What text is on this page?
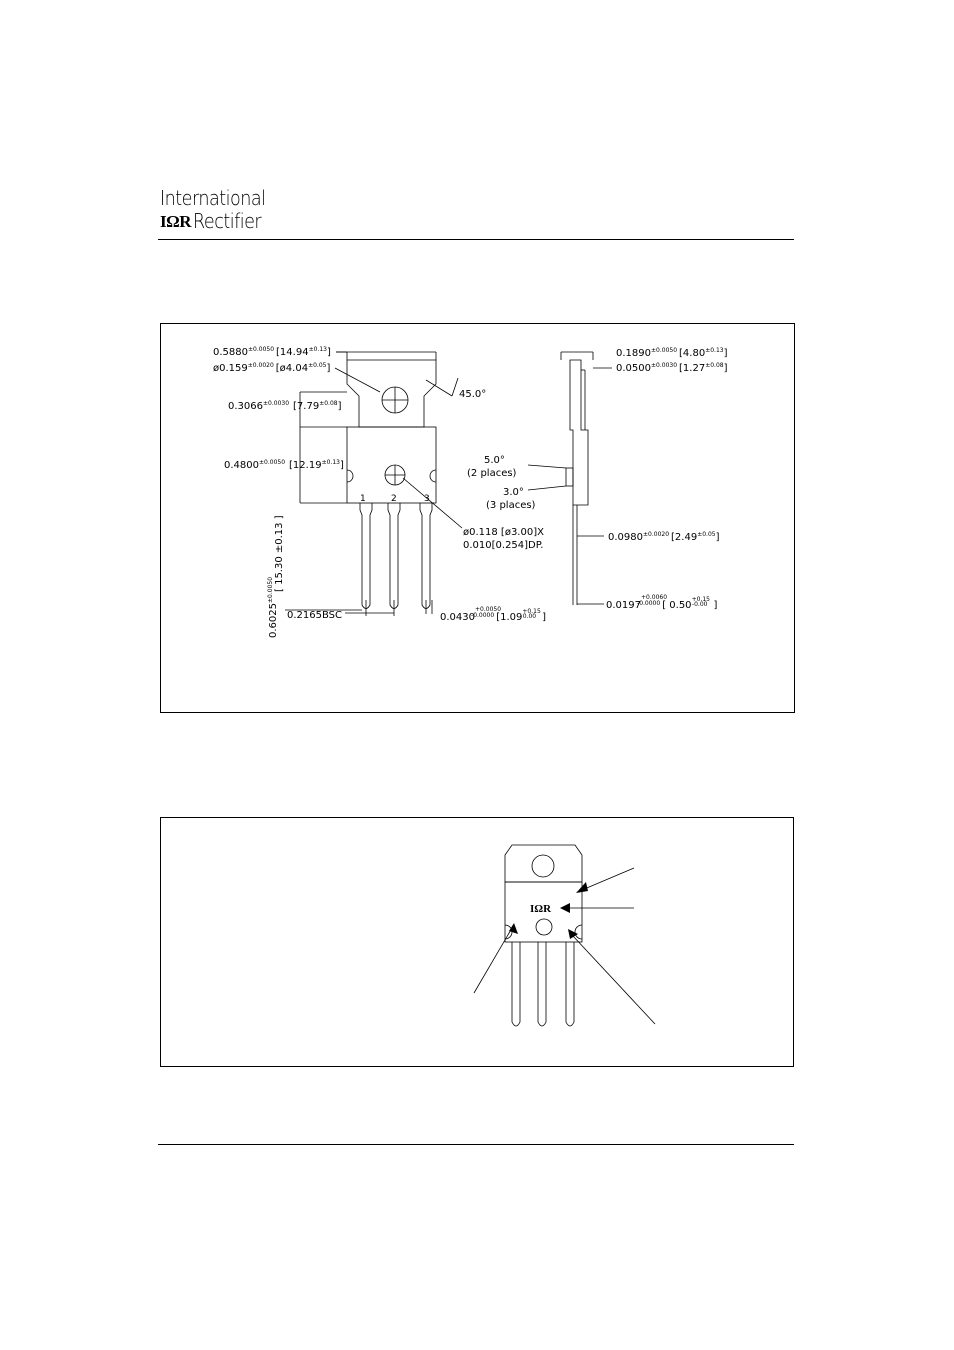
International
IΩR Rectifier
$0.5880^{\pm 0.0050}$ $[14.94^{\pm 0.13}]$
$ø0.159^{\pm 0.0020}$ $[ø4.04^{\pm 0.05}]$
45.0°
$0.3066^{\pm 0.0030}$ $[7.79^{\pm 0.08}]$
$0.4800^{\pm 0.0050}$ $[12.19^{\pm 0.13}]$
1	2	3
ø0.118 [ø3.00]X
0.010[0.254]DP.
[ 15.30 ±0.13 ]
$0.6025^{\pm 0.0050}$
0.2165BSC	$0.0430^{+0.0050}$ -0.0000 [$1.09^{+0.15}$ 0.00 ]
$0.1890^{\pm 0.0050}$ $[4.80^{\pm 0.13}]$
$0.0500^{\pm 0.0030}$ $[1.27^{\pm 0.08}]$
5.0°
(2 places)
3.0°
(3 places)
$0.0980^{\pm 0.0020}$ $[2.49^{\pm 0.05}]$
$0.0197^{+0.0060}$ -0.0000 [ $0.50^{+0.15}$ -0.00 ]
IΩR
